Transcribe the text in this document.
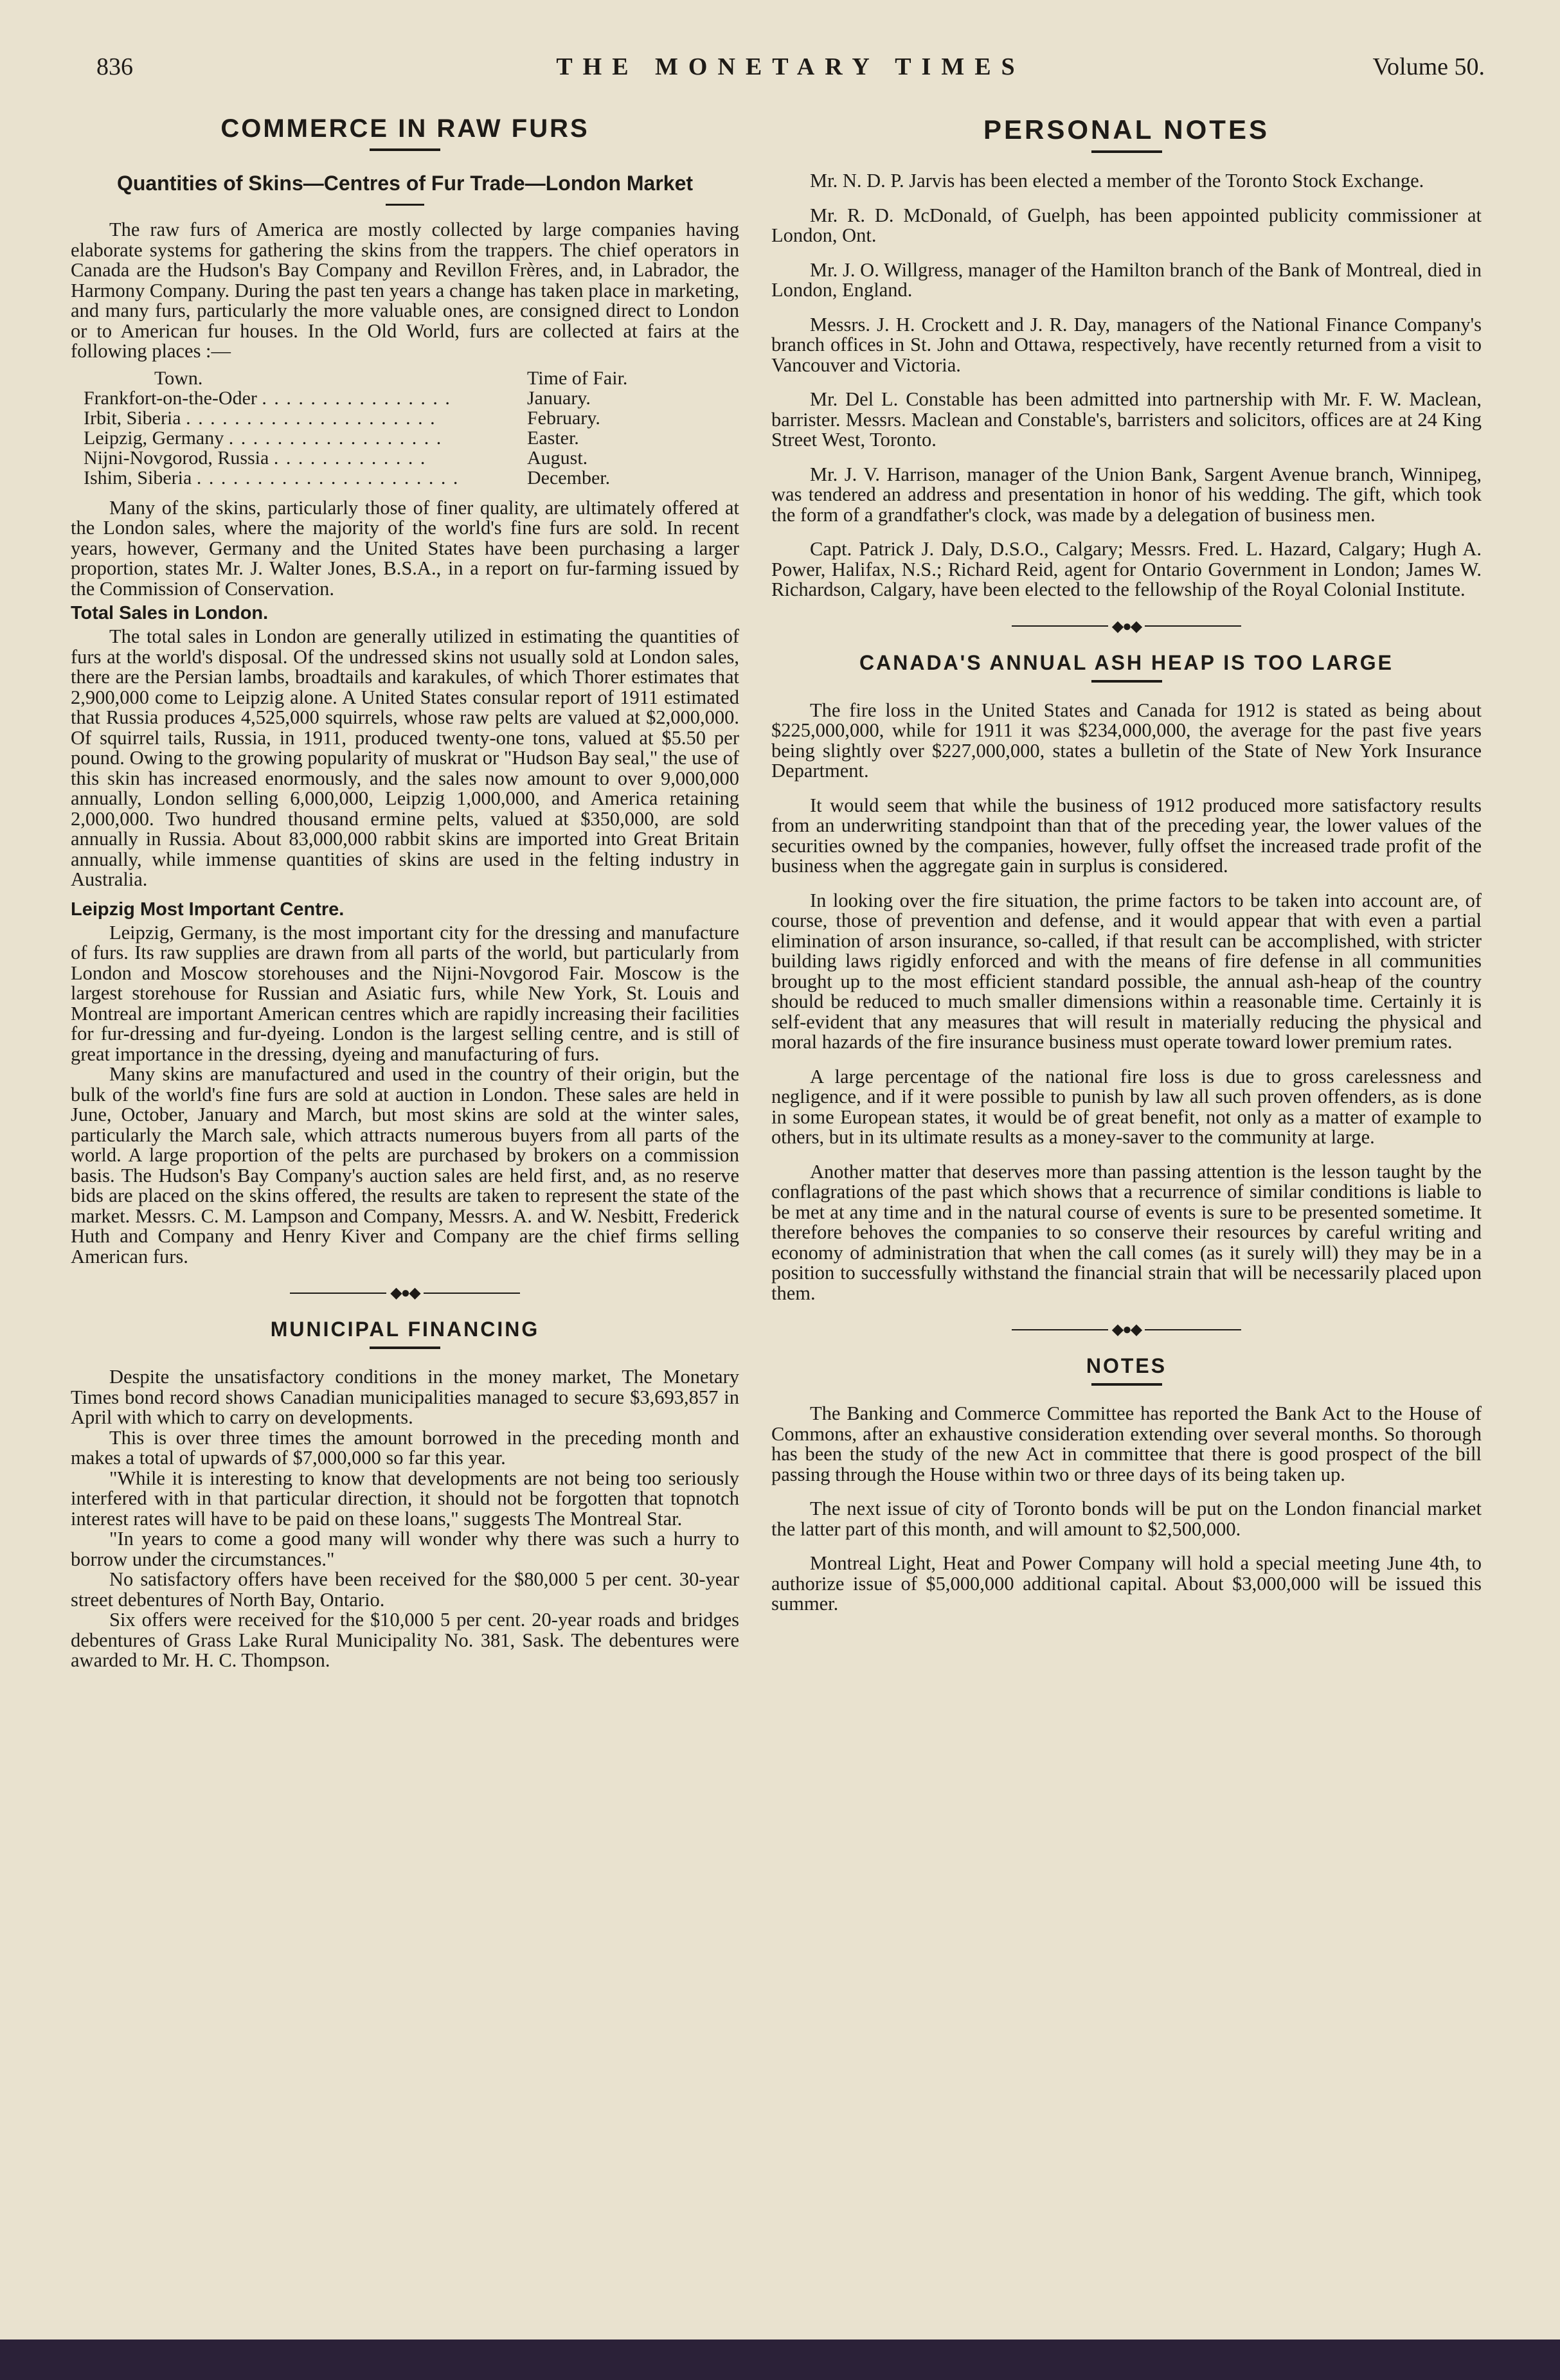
836	THE MONETARY TIMES	Volume 50.
COMMERCE IN RAW FURS
Quantities of Skins—Centres of Fur Trade—London Market

The raw furs of America are mostly collected by large companies having elaborate systems for gathering the skins from the trappers. The chief operators in Canada are the Hudson's Bay Company and Revillon Frères, and, in Labrador, the Harmony Company. During the past ten years a change has taken place in marketing, and many furs, particularly the more valuable ones, are consigned direct to London or to American fur houses. In the Old World, furs are collected at fairs at the following places :—

Town.	Time of Fair.
Frankfort-on-the-Oder . . . . . . . . . . . . . . . .	January.
Irbit, Siberia . . . . . . . . . . . . . . . . . . . . .	February.
Leipzig, Germany . . . . . . . . . . . . . . . . . .	Easter.
Nijni-Novgorod, Russia . . . . . . . . . . . . .	August.
Ishim, Siberia . . . . . . . . . . . . . . . . . . . . . .	December.

Many of the skins, particularly those of finer quality, are ultimately offered at the London sales, where the majority of the world's fine furs are sold. In recent years, however, Germany and the United States have been purchasing a larger proportion, states Mr. J. Walter Jones, B.S.A., in a report on fur-farming issued by the Commission of Conservation.

Total Sales in London.

The total sales in London are generally utilized in estimating the quantities of furs at the world's disposal. Of the undressed skins not usually sold at London sales, there are the Persian lambs, broadtails and karakules, of which Thorer estimates that 2,900,000 come to Leipzig alone. A United States consular report of 1911 estimated that Russia produces 4,525,000 squirrels, whose raw pelts are valued at $2,000,000. Of squirrel tails, Russia, in 1911, produced twenty-one tons, valued at $5.50 per pound. Owing to the growing popularity of muskrat or "Hudson Bay seal," the use of this skin has increased enormously, and the sales now amount to over 9,000,000 annually, London selling 6,000,000, Leipzig 1,000,000, and America retaining 2,000,000. Two hundred thousand ermine pelts, valued at $350,000, are sold annually in Russia. About 83,000,000 rabbit skins are imported into Great Britain annually, while immense quantities of skins are used in the felting industry in Australia.

Leipzig Most Important Centre.

Leipzig, Germany, is the most important city for the dressing and manufacture of furs. Its raw supplies are drawn from all parts of the world, but particularly from London and Moscow storehouses and the Nijni-Novgorod Fair. Moscow is the largest storehouse for Russian and Asiatic furs, while New York, St. Louis and Montreal are important American centres which are rapidly increasing their facilities for fur-dressing and fur-dyeing. London is the largest selling centre, and is still of great importance in the dressing, dyeing and manufacturing of furs.

Many skins are manufactured and used in the country of their origin, but the bulk of the world's fine furs are sold at auction in London. These sales are held in June, October, January and March, but most skins are sold at the winter sales, particularly the March sale, which attracts numerous buyers from all parts of the world. A large proportion of the pelts are purchased by brokers on a commission basis. The Hudson's Bay Company's auction sales are held first, and, as no reserve bids are placed on the skins offered, the results are taken to represent the state of the market. Messrs. C. M. Lampson and Company, Messrs. A. and W. Nesbitt, Frederick Huth and Company and Henry Kiver and Company are the chief firms selling American furs.

◆●◆
MUNICIPAL FINANCING

Despite the unsatisfactory conditions in the money market, The Monetary Times bond record shows Canadian municipalities managed to secure $3,693,857 in April with which to carry on developments.

This is over three times the amount borrowed in the preceding month and makes a total of upwards of $7,000,000 so far this year.

"While it is interesting to know that developments are not being too seriously interfered with in that particular direction, it should not be forgotten that topnotch interest rates will have to be paid on these loans," suggests The Montreal Star.

"In years to come a good many will wonder why there was such a hurry to borrow under the circumstances."

No satisfactory offers have been received for the $80,000 5 per cent. 30-year street debentures of North Bay, Ontario.

Six offers were received for the $10,000 5 per cent. 20-year roads and bridges debentures of Grass Lake Rural Municipality No. 381, Sask. The debentures were awarded to Mr. H. C. Thompson.

PERSONAL NOTES

Mr. N. D. P. Jarvis has been elected a member of the Toronto Stock Exchange.

Mr. R. D. McDonald, of Guelph, has been appointed publicity commissioner at London, Ont.

Mr. J. O. Willgress, manager of the Hamilton branch of the Bank of Montreal, died in London, England.

Messrs. J. H. Crockett and J. R. Day, managers of the National Finance Company's branch offices in St. John and Ottawa, respectively, have recently returned from a visit to Vancouver and Victoria.

Mr. Del L. Constable has been admitted into partnership with Mr. F. W. Maclean, barrister. Messrs. Maclean and Constable's, barristers and solicitors, offices are at 24 King Street West, Toronto.

Mr. J. V. Harrison, manager of the Union Bank, Sargent Avenue branch, Winnipeg, was tendered an address and presentation in honor of his wedding. The gift, which took the form of a grandfather's clock, was made by a delegation of business men.

Capt. Patrick J. Daly, D.S.O., Calgary; Messrs. Fred. L. Hazard, Calgary; Hugh A. Power, Halifax, N.S.; Richard Reid, agent for Ontario Government in London; James W. Richardson, Calgary, have been elected to the fellowship of the Royal Colonial Institute.

◆●◆
CANADA'S ANNUAL ASH HEAP IS TOO LARGE

The fire loss in the United States and Canada for 1912 is stated as being about $225,000,000, while for 1911 it was $234,000,000, the average for the past five years being slightly over $227,000,000, states a bulletin of the State of New York Insurance Department.

It would seem that while the business of 1912 produced more satisfactory results from an underwriting standpoint than that of the preceding year, the lower values of the securities owned by the companies, however, fully offset the increased trade profit of the business when the aggregate gain in surplus is considered.

In looking over the fire situation, the prime factors to be taken into account are, of course, those of prevention and defense, and it would appear that with even a partial elimination of arson insurance, so-called, if that result can be accomplished, with stricter building laws rigidly enforced and with the means of fire defense in all communities brought up to the most efficient standard possible, the annual ash-heap of the country should be reduced to much smaller dimensions within a reasonable time. Certainly it is self-evident that any measures that will result in materially reducing the physical and moral hazards of the fire insurance business must operate toward lower premium rates.

A large percentage of the national fire loss is due to gross carelessness and negligence, and if it were possible to punish by law all such proven offenders, as is done in some European states, it would be of great benefit, not only as a matter of example to others, but in its ultimate results as a money-saver to the community at large.

Another matter that deserves more than passing attention is the lesson taught by the conflagrations of the past which shows that a recurrence of similar conditions is liable to be met at any time and in the natural course of events is sure to be presented sometime. It therefore behoves the companies to so conserve their resources by careful writing and economy of administration that when the call comes (as it surely will) they may be in a position to successfully withstand the financial strain that will be necessarily placed upon them.

◆●◆
NOTES

The Banking and Commerce Committee has reported the Bank Act to the House of Commons, after an exhaustive consideration extending over several months. So thorough has been the study of the new Act in committee that there is good prospect of the bill passing through the House within two or three days of its being taken up.

The next issue of city of Toronto bonds will be put on the London financial market the latter part of this month, and will amount to $2,500,000.

Montreal Light, Heat and Power Company will hold a special meeting June 4th, to authorize issue of $5,000,000 additional capital. About $3,000,000 will be issued this summer.
